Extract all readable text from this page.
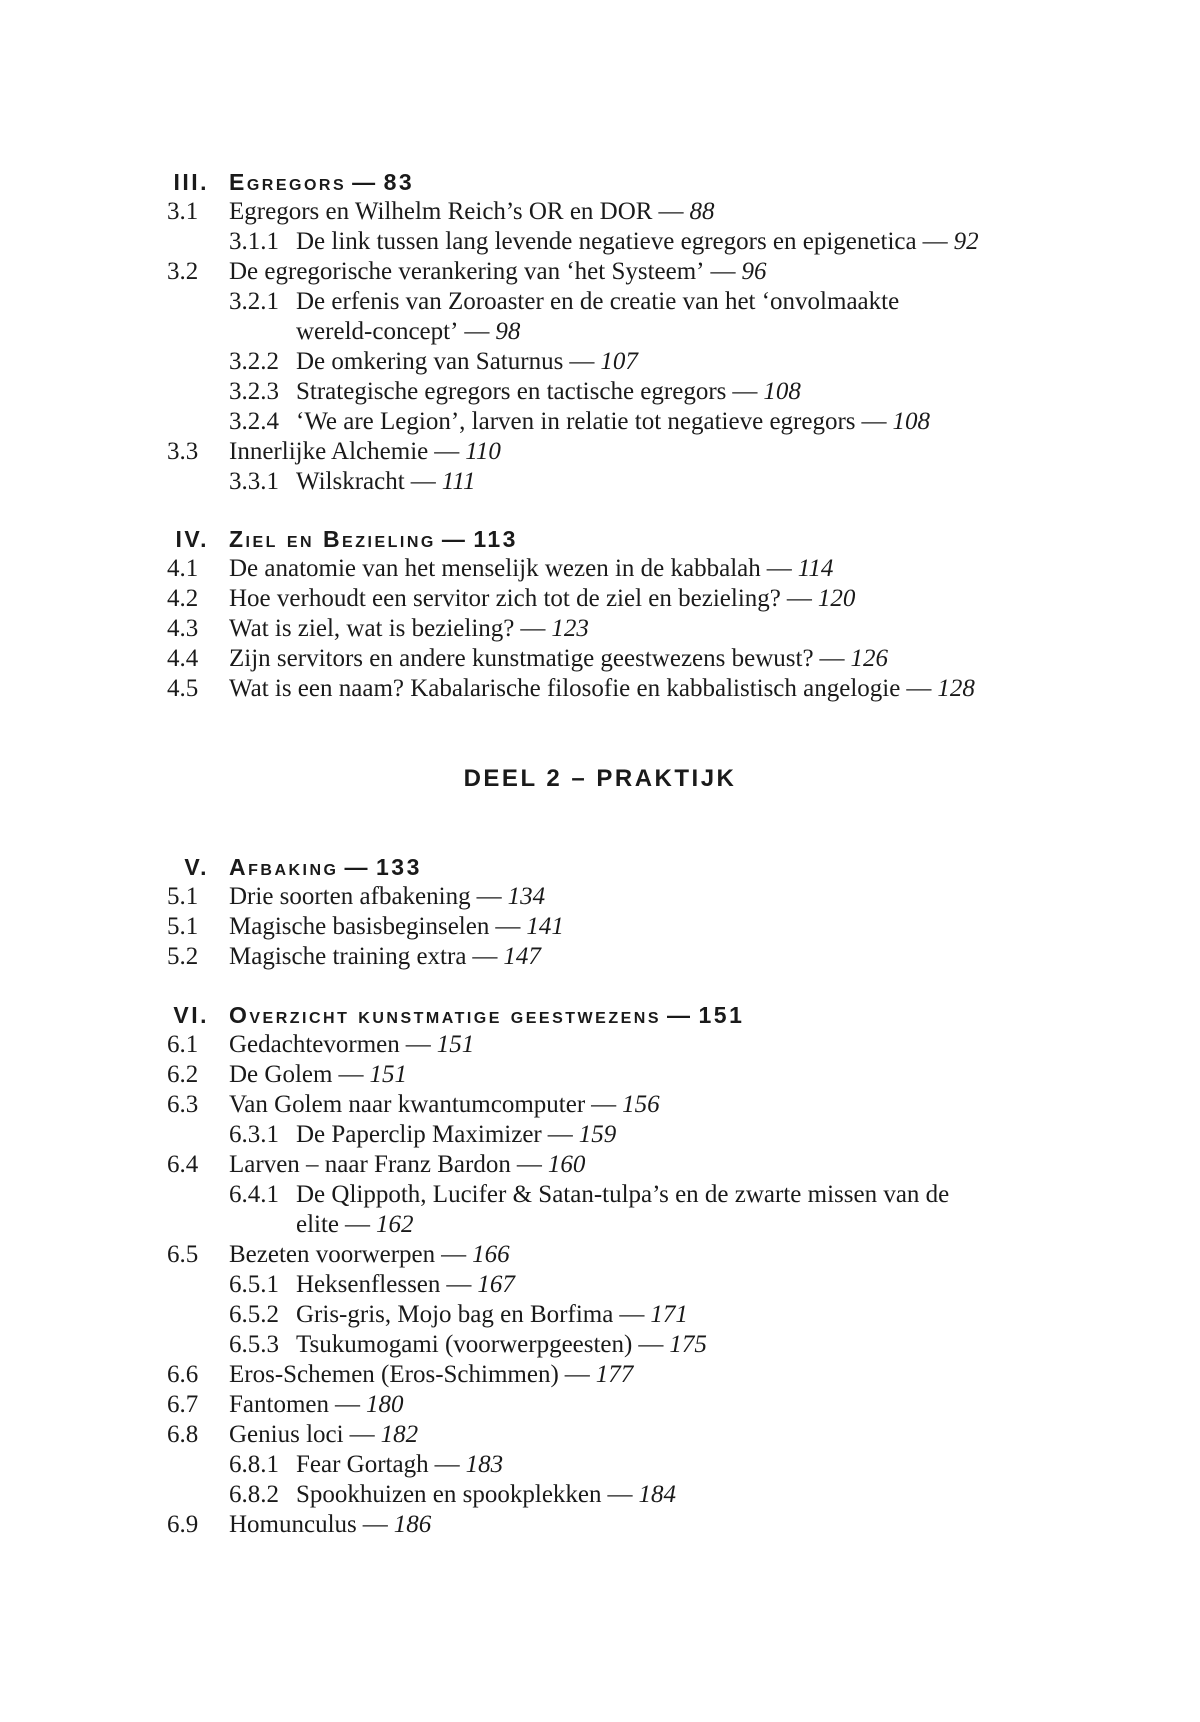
III. Egregors — 83
3.1 Egregors en Wilhelm Reich’s OR en DOR — 88
3.1.1 De link tussen lang levende negatieve egregors en epigenetica — 92
3.2 De egregorische verankering van ‘het Systeem’ — 96
3.2.1 De erfenis van Zoroaster en de creatie van het ‘onvolmaakte
wereld-concept’ — 98
3.2.2 De omkering van Saturnus — 107
3.2.3 Strategische egregors en tactische egregors — 108
3.2.4 ‘We are Legion’, larven in relatie tot negatieve egregors — 108
3.3 Innerlijke Alchemie — 110
3.3.1 Wilskracht — 111
IV. Ziel en Bezieling — 113
4.1 De anatomie van het menselijk wezen in de kabbalah — 114
4.2 Hoe verhoudt een servitor zich tot de ziel en bezieling? — 120
4.3 Wat is ziel, wat is bezieling? — 123
4.4 Zijn servitors en andere kunstmatige geestwezens bewust? — 126
4.5 Wat is een naam? Kabalarische filosofie en kabbalistisch angelogie — 128
DEEL 2 – PRAKTIJK
V. Afbaking — 133
5.1 Drie soorten afbakening — 134
5.1 Magische basisbeginselen — 141
5.2 Magische training extra — 147
VI. Overzicht kunstmatige geestwezens — 151
6.1 Gedachtevormen — 151
6.2 De Golem — 151
6.3 Van Golem naar kwantumcomputer — 156
6.3.1 De Paperclip Maximizer — 159
6.4 Larven – naar Franz Bardon — 160
6.4.1 De Qlippoth, Lucifer & Satan-tulpa’s en de zwarte missen van de
elite — 162
6.5 Bezeten voorwerpen — 166
6.5.1 Heksenflessen — 167
6.5.2 Gris-gris, Mojo bag en Borfima — 171
6.5.3 Tsukumogami (voorwerpgeesten) — 175
6.6 Eros-Schemen (Eros-Schimmen) — 177
6.7 Fantomen — 180
6.8 Genius loci — 182
6.8.1 Fear Gortagh — 183
6.8.2 Spookhuizen en spookplekken — 184
6.9 Homunculus — 186
